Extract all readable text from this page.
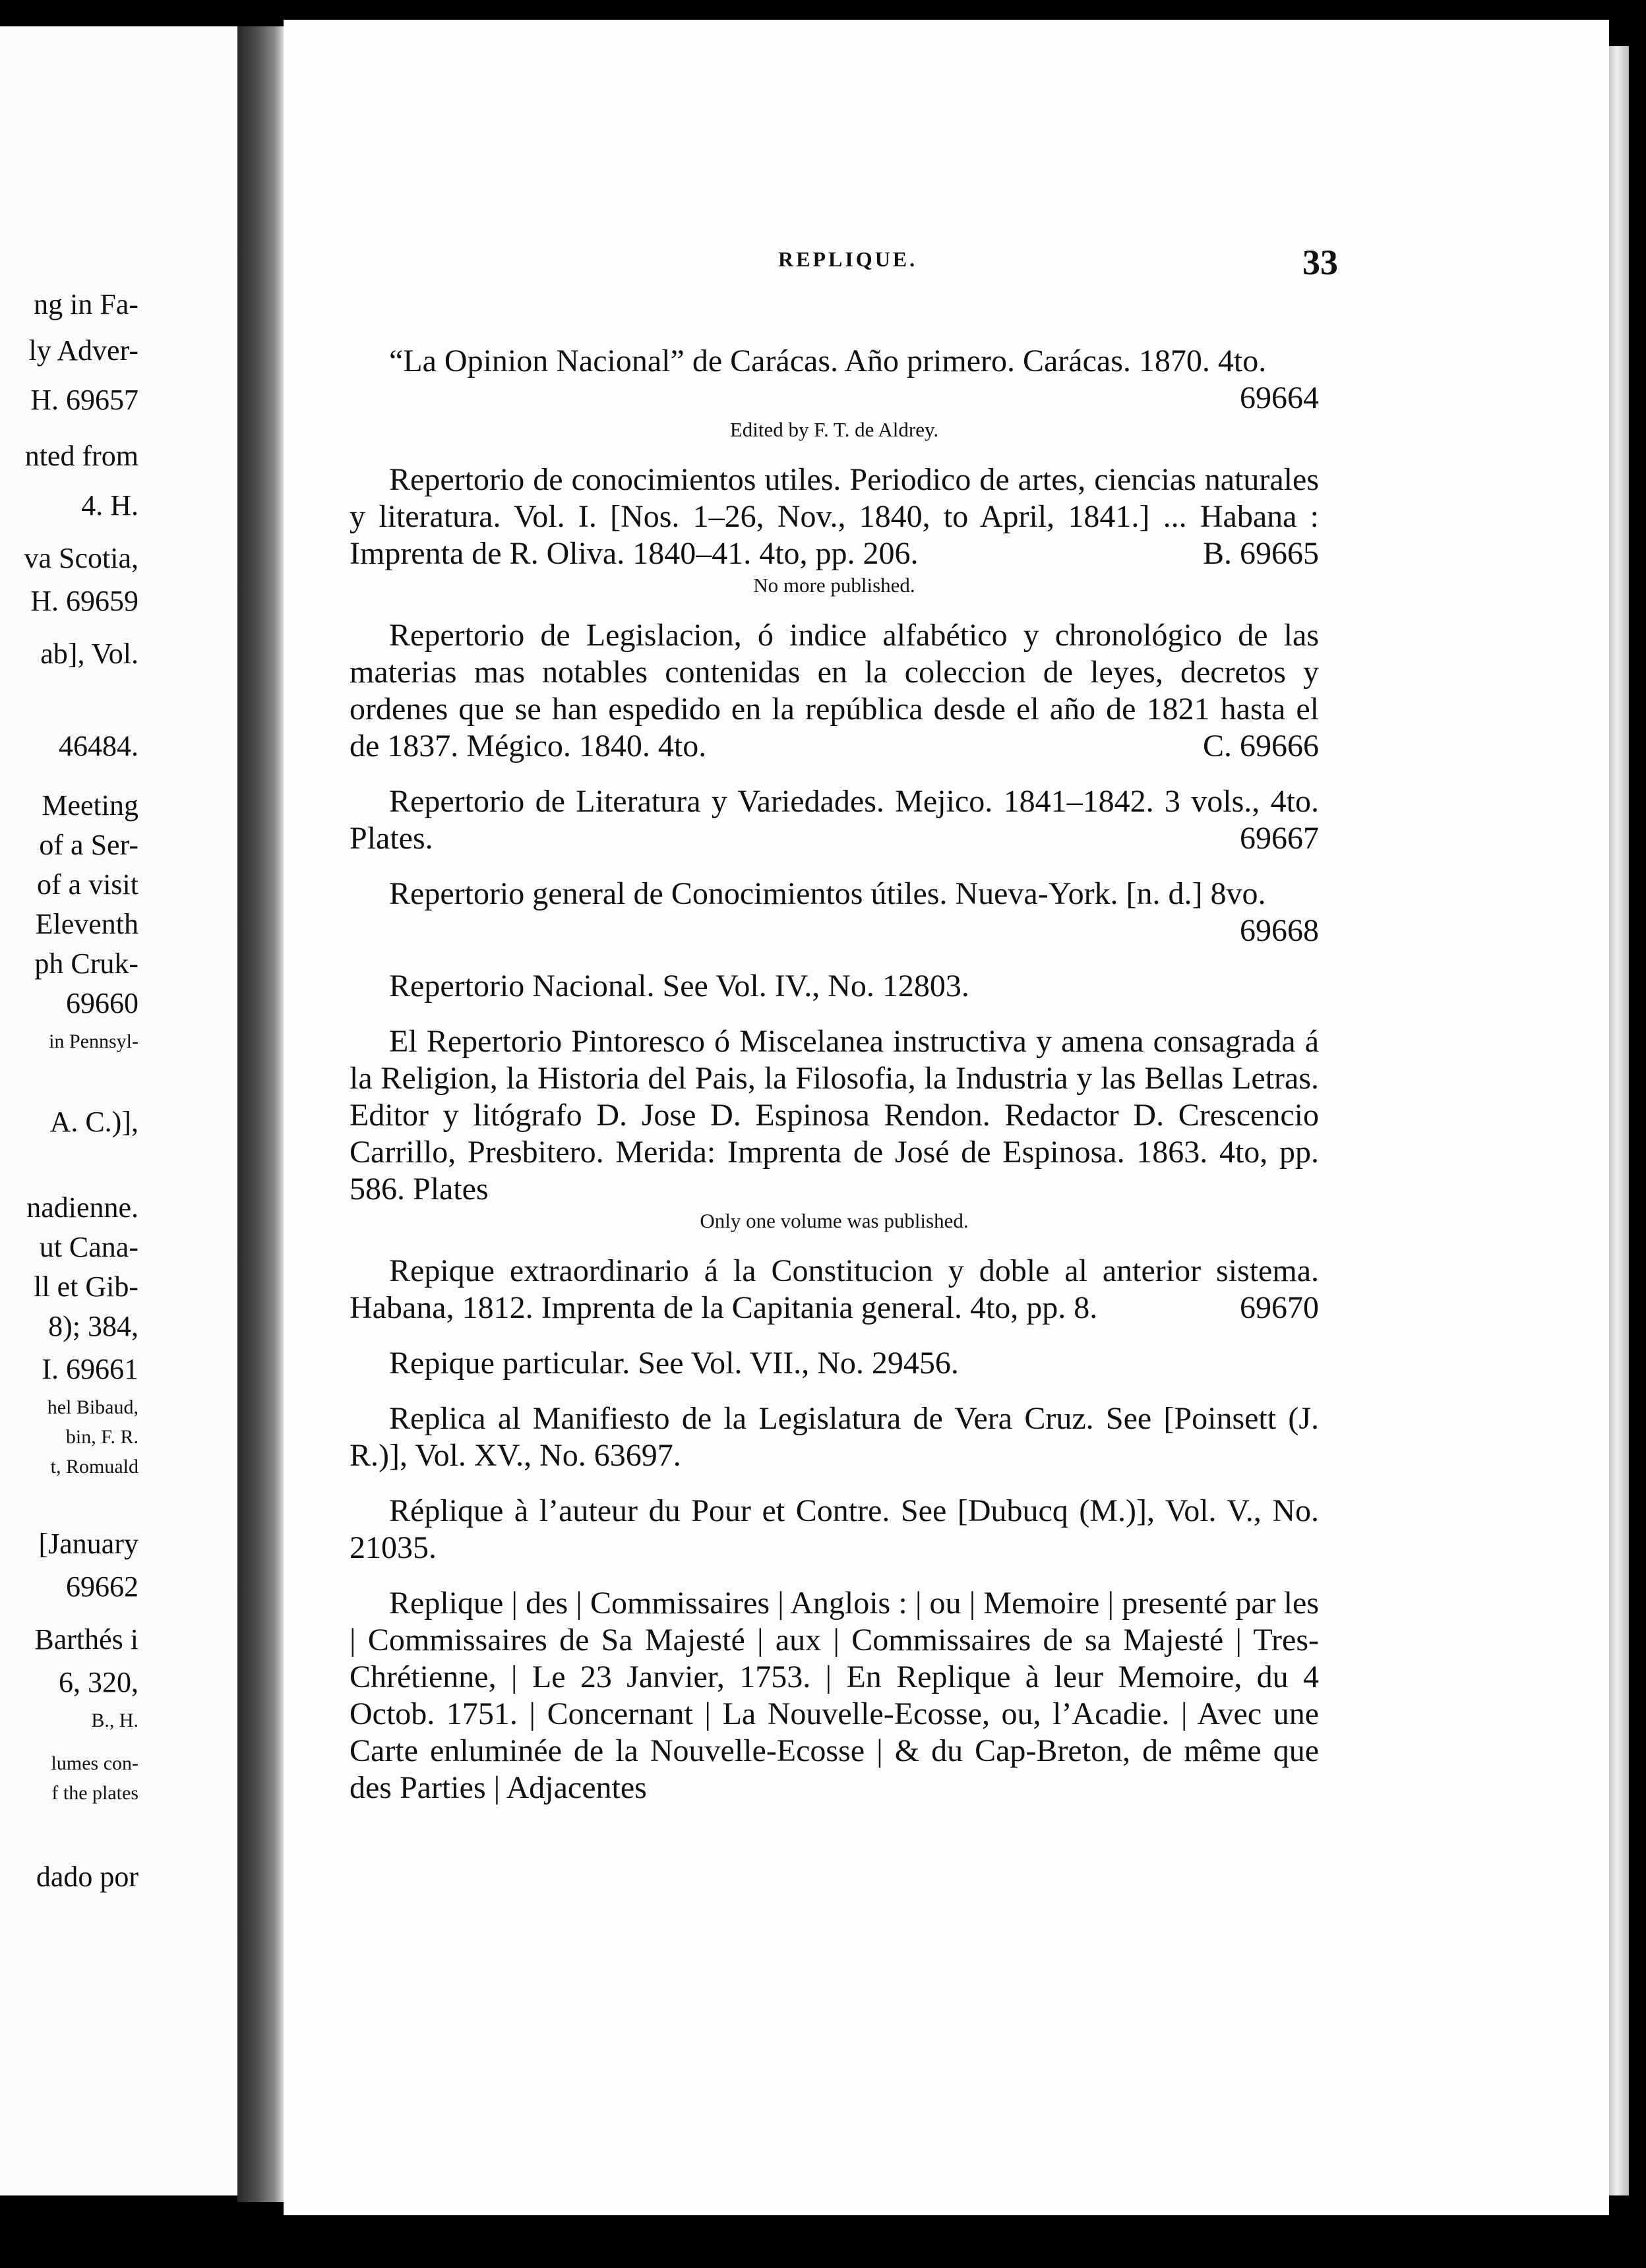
ng in Fa-
ly Adver-
H. 69657
nted from
4. H.
va Scotia,
H. 69659
ab], Vol.
46484.
Meeting
of a Ser-
of a visit
Eleventh
ph Cruk-
69660
in Pennsyl-
A. C.)],
nadienne.
ut Cana-
ll et Gib-
8); 384,
I. 69661
hel Bibaud,
bin, F. R.
t, Romuald
[January
69662
Barthés i
6, 320,
B., H.
lumes con-
f the plates
dado por
REPLIQUE.	33
“La Opinion Nacional” de Carácas. Año primero. Carácas. 1870. 4to.
69664
Edited by F. T. de Aldrey.
Repertorio de conocimientos utiles. Periodico de artes, ciencias naturales y literatura. Vol. I. [Nos. 1–26, Nov., 1840, to April, 1841.] ... Habana : Imprenta de R. Oliva. 1840–41. 4to, pp. 206.	B. 69665
No more published.
Repertorio de Legislacion, ó indice alfabético y chronológico de las materias mas notables contenidas en la coleccion de leyes, decretos y ordenes que se han espedido en la república desde el año de 1821 hasta el de 1837. Mégico. 1840. 4to.	C. 69666
Repertorio de Literatura y Variedades. Mejico. 1841–1842. 3 vols., 4to. Plates.	69667
Repertorio general de Conocimientos útiles. Nueva-York. [n. d.] 8vo.
69668
Repertorio Nacional. See Vol. IV., No. 12803.
El Repertorio Pintoresco ó Miscelanea instructiva y amena consagrada á la Religion, la Historia del Pais, la Filosofia, la Industria y las Bellas Letras. Editor y litógrafo D. Jose D. Espinosa Rendon. Redactor D. Crescencio Carrillo, Presbitero. Merida: Imprenta de José de Espinosa. 1863. 4to, pp. 586. Plates
Only one volume was published.
Repique extraordinario á la Constitucion y doble al anterior sistema. Habana, 1812. Imprenta de la Capitania general. 4to, pp. 8.	69670
Repique particular. See Vol. VII., No. 29456.
Replica al Manifiesto de la Legislatura de Vera Cruz. See [Poinsett (J. R.)], Vol. XV., No. 63697.
Réplique à l’auteur du Pour et Contre. See [Dubucq (M.)], Vol. V., No. 21035.
Replique | des | Commissaires | Anglois : | ou | Memoire | presenté par les | Commissaires de Sa Majesté | aux | Commissaires de sa Majesté | Tres-Chrétienne, | Le 23 Janvier, 1753. | En Replique à leur Memoire, du 4 Octob. 1751. | Concernant | La Nouvelle-Ecosse, ou, l’Acadie. | Avec une Carte enluminée de la Nouvelle-Ecosse | & du Cap-Breton, de même que des Parties | Adjacentes
